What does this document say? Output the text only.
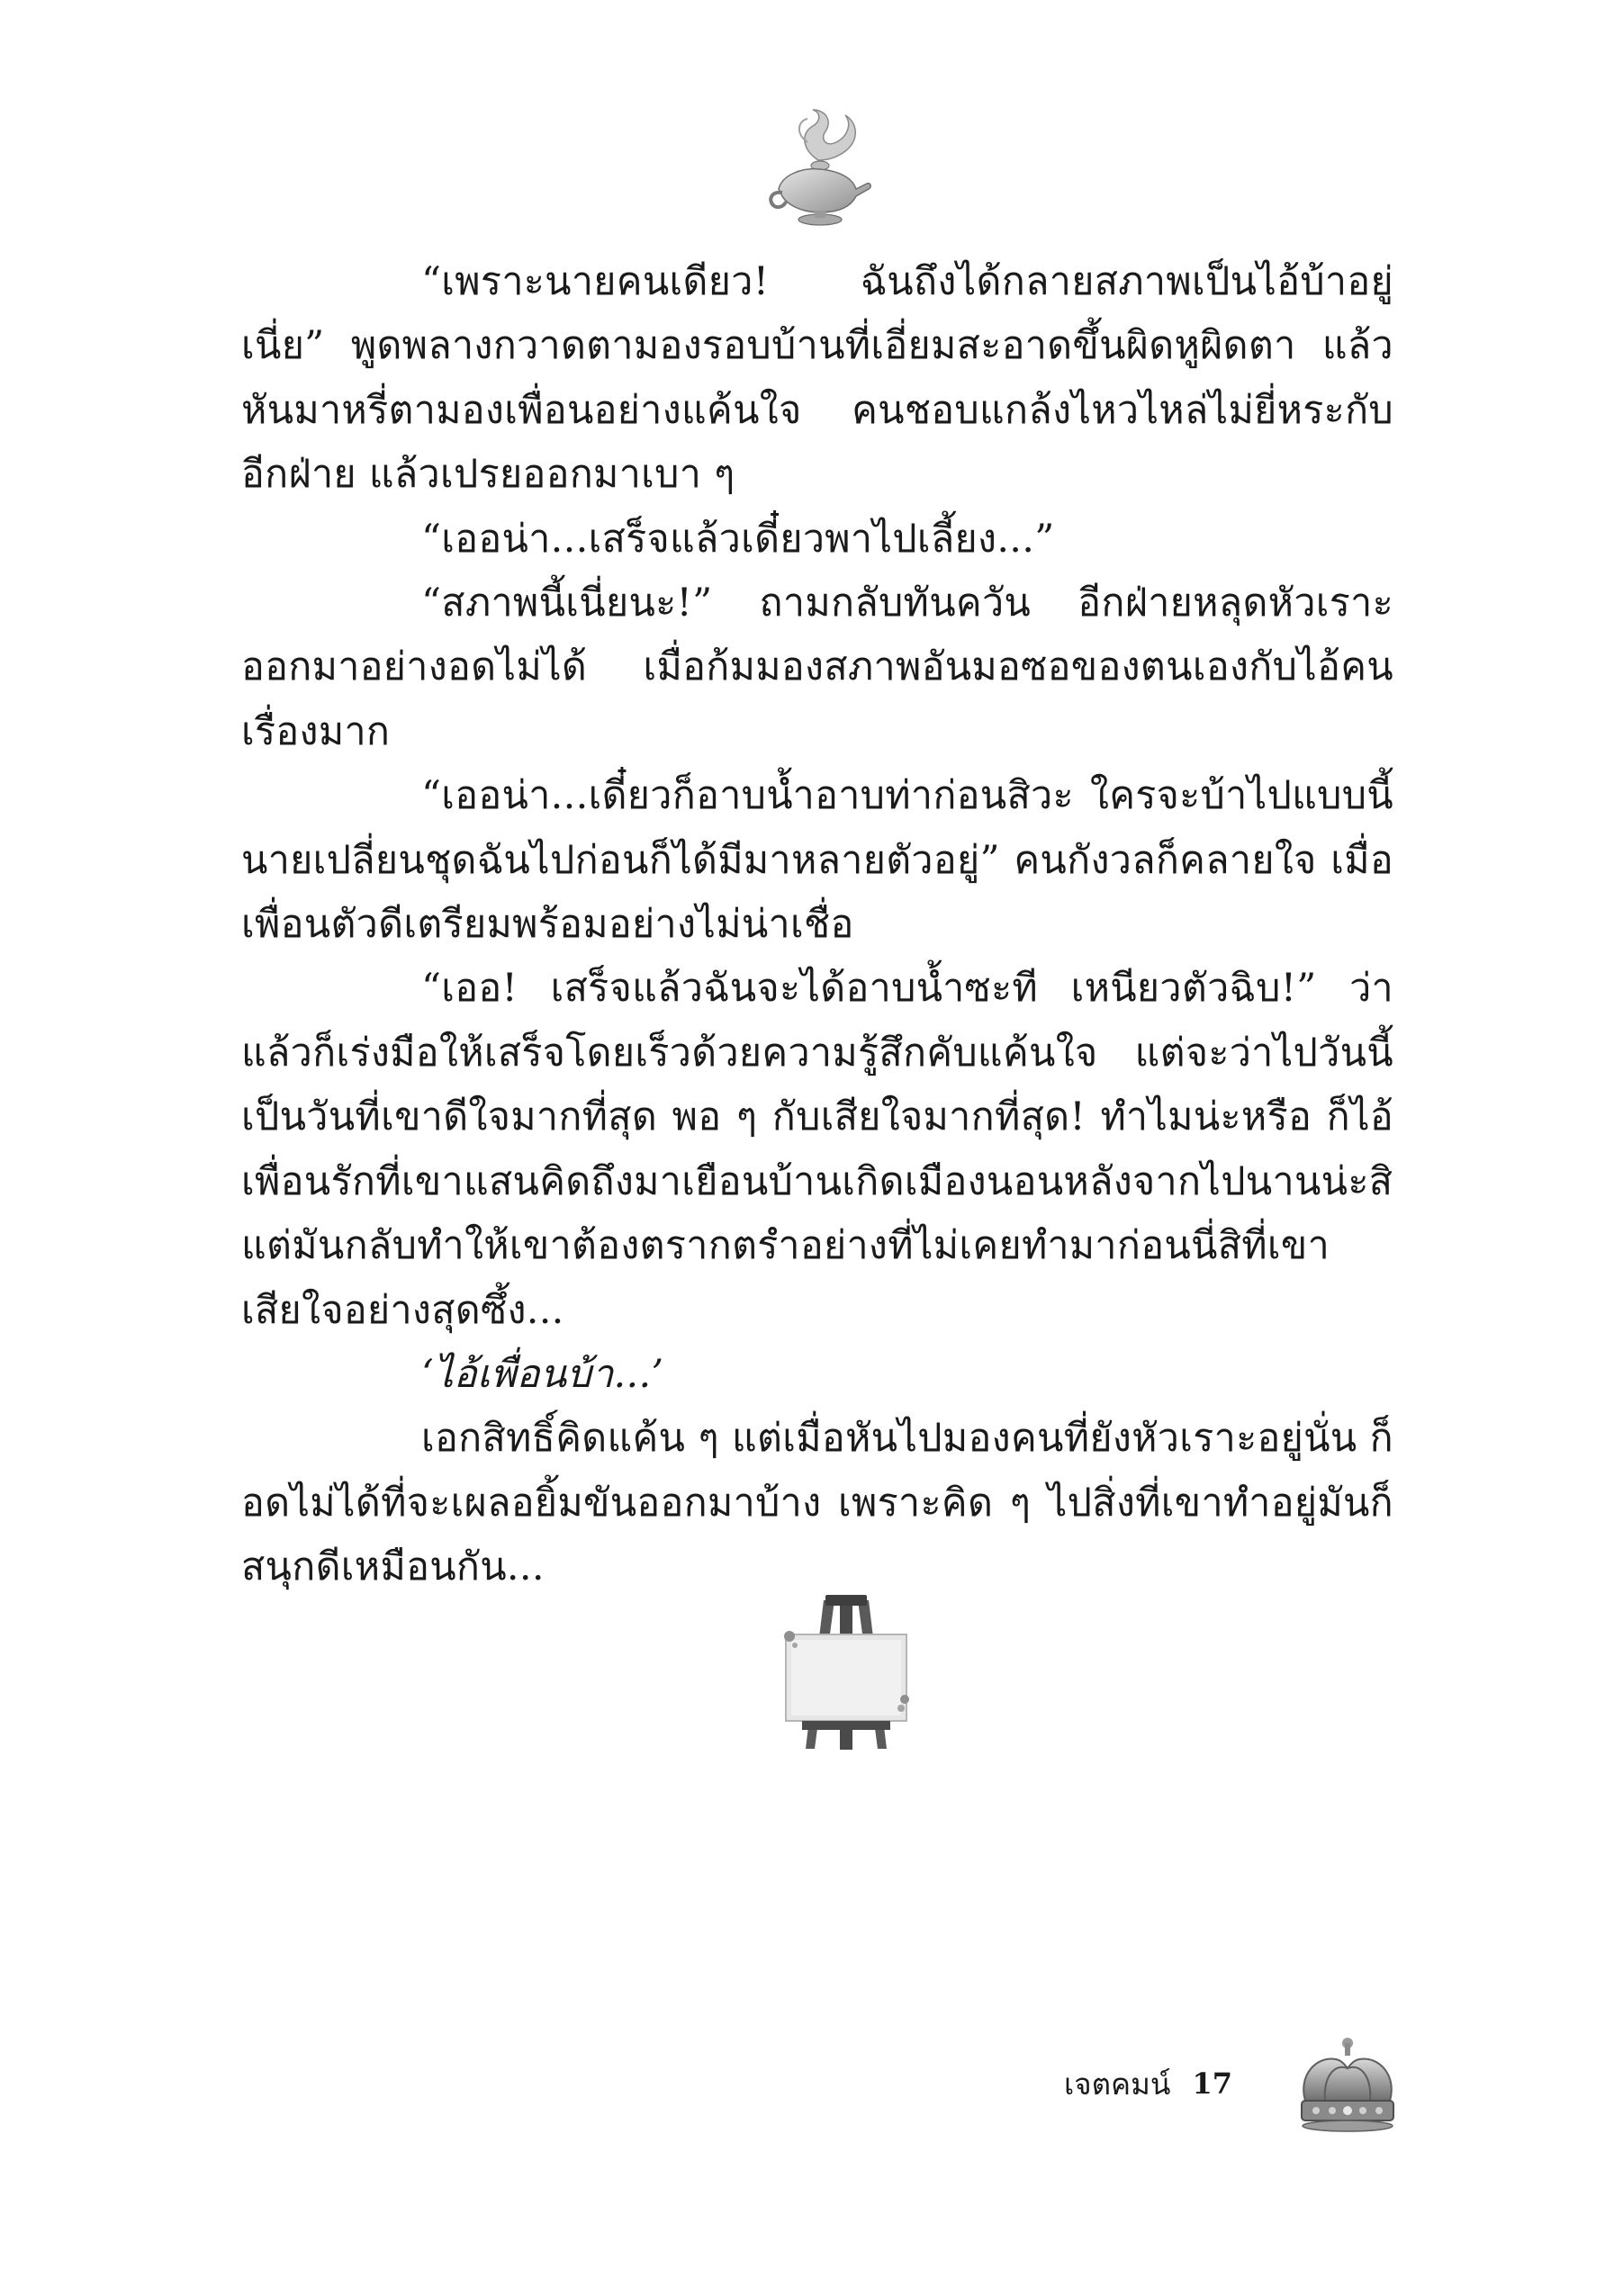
“เพราะนายคนเดียว! ฉันถึงได้กลายสภาพเป็นไอ้บ้าอยู่เนี่ย” พูดพลางกวาดตามองรอบบ้านที่เอี่ยมสะอาดขึ้นผิดหูผิดตา แล้วหันมาหรี่ตามองเพื่อนอย่างแค้นใจ คนชอบแกล้งไหวไหล่ไม่ยี่หระกับอีกฝ่าย แล้วเปรยออกมาเบา ๆ

“เออน่า...เสร็จแล้วเดี๋ยวพาไปเลี้ยง...”

“สภาพนี้เนี่ยนะ!” ถามกลับทันควัน อีกฝ่ายหลุดหัวเราะออกมาอย่างอดไม่ได้ เมื่อก้มมองสภาพอันมอซอของตนเองกับไอ้คนเรื่องมาก

“เออน่า...เดี๋ยวก็อาบน้ำอาบท่าก่อนสิวะ ใครจะบ้าไปแบบนี้ นายเปลี่ยนชุดฉันไปก่อนก็ได้มีมาหลายตัวอยู่” คนกังวลก็คลายใจ เมื่อเพื่อนตัวดีเตรียมพร้อมอย่างไม่น่าเชื่อ

“เออ! เสร็จแล้วฉันจะได้อาบน้ำซะที เหนียวตัวฉิบ!” ว่าแล้วก็เร่งมือให้เสร็จโดยเร็วด้วยความรู้สึกคับแค้นใจ แต่จะว่าไปวันนี้เป็นวันที่เขาดีใจมากที่สุด พอ ๆ กับเสียใจมากที่สุด! ทำไมน่ะหรือ ก็ไอ้เพื่อนรักที่เขาแสนคิดถึงมาเยือนบ้านเกิดเมืองนอนหลังจากไปนานน่ะสิ แต่มันกลับทำให้เขาต้องตรากตรำอย่างที่ไม่เคยทำมาก่อนนี่สิที่เขาเสียใจอย่างสุดซึ้ง...

‘ไอ้เพื่อนบ้า...’

เอกสิทธิ์คิดแค้น ๆ แต่เมื่อหันไปมองคนที่ยังหัวเราะอยู่นั่น ก็อดไม่ได้ที่จะเผลอยิ้มขันออกมาบ้าง เพราะคิด ๆ ไปสิ่งที่เขาทำอยู่มันก็สนุกดีเหมือนกัน...

เจตคมน์ 17
